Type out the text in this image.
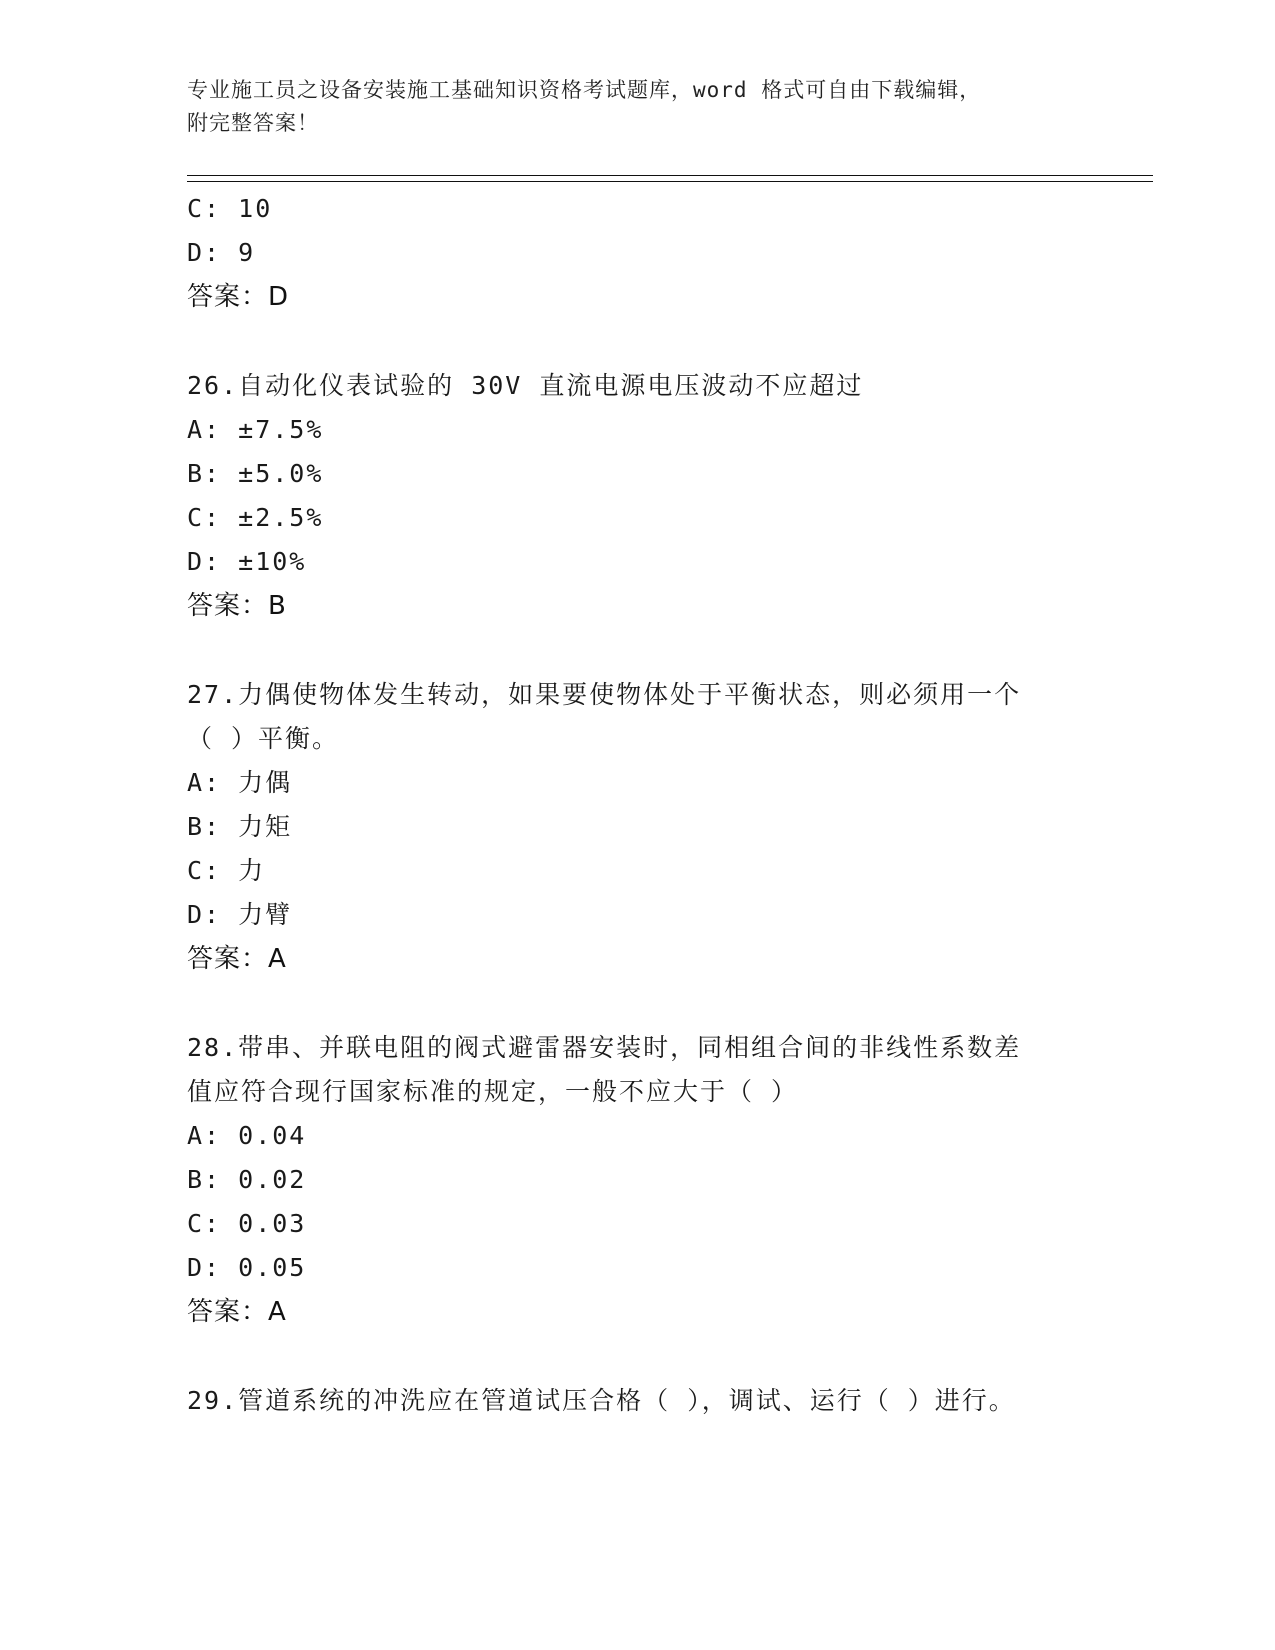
专业施工员之设备安装施工基础知识资格考试题库，word 格式可自由下载编辑，
附完整答案！
C: 10
D: 9
答案：D
26.自动化仪表试验的 30V 直流电源电压波动不应超过
A: ±7.5%
B: ±5.0%
C: ±2.5%
D: ±10%
答案：B
27.力偶使物体发生转动，如果要使物体处于平衡状态，则必须用一个
（ ）平衡。
A: 力偶
B: 力矩
C: 力
D: 力臂
答案：A
28.带串、并联电阻的阀式避雷器安装时，同相组合间的非线性系数差
值应符合现行国家标准的规定，一般不应大于（ ）
A: 0.04
B: 0.02
C: 0.03
D: 0.05
答案：A
29.管道系统的冲洗应在管道试压合格（ ），调试、运行（ ）进行。
